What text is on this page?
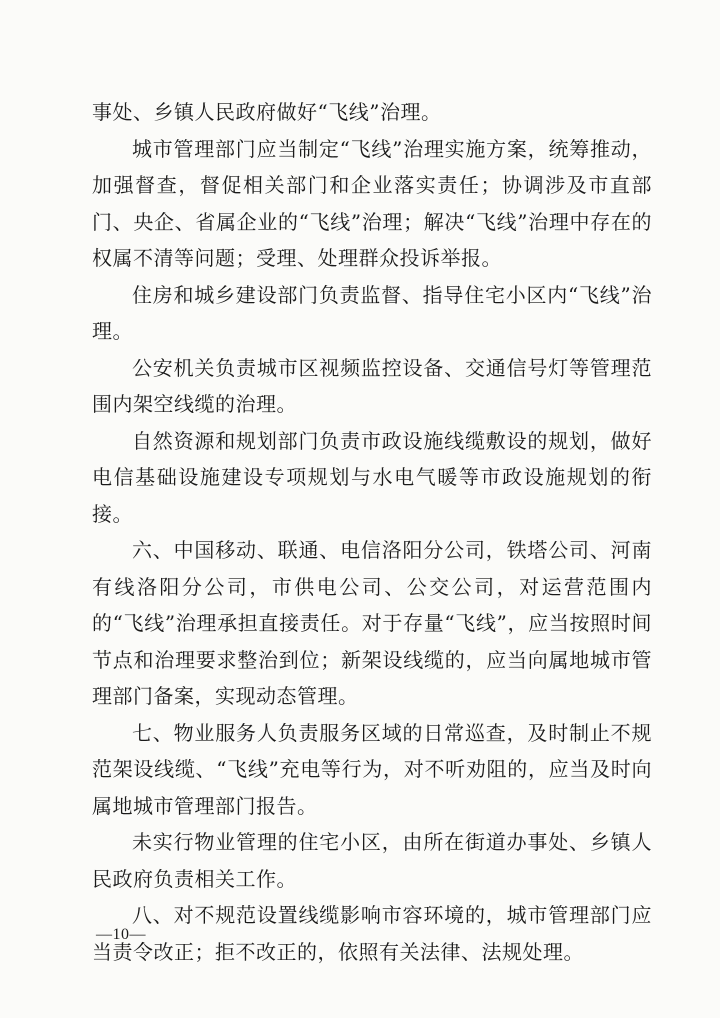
事处、乡镇人民政府做好“飞线”治理。

城市管理部门应当制定“飞线”治理实施方案，统筹推动，加强督查，督促相关部门和企业落实责任；协调涉及市直部门、央企、省属企业的“飞线”治理；解决“飞线”治理中存在的权属不清等问题；受理、处理群众投诉举报。

住房和城乡建设部门负责监督、指导住宅小区内“飞线”治理。

公安机关负责城市区视频监控设备、交通信号灯等管理范围内架空线缆的治理。

自然资源和规划部门负责市政设施线缆敷设的规划，做好电信基础设施建设专项规划与水电气暖等市政设施规划的衔接。

六、中国移动、联通、电信洛阳分公司，铁塔公司、河南有线洛阳分公司，市供电公司、公交公司，对运营范围内的“飞线”治理承担直接责任。对于存量“飞线”，应当按照时间节点和治理要求整治到位；新架设线缆的，应当向属地城市管理部门备案，实现动态管理。

七、物业服务人负责服务区域的日常巡查，及时制止不规范架设线缆、“飞线”充电等行为，对不听劝阻的，应当及时向属地城市管理部门报告。

未实行物业管理的住宅小区，由所在街道办事处、乡镇人民政府负责相关工作。

八、对不规范设置线缆影响市容环境的，城市管理部门应当责令改正；拒不改正的，依照有关法律、法规处理。

—10—
